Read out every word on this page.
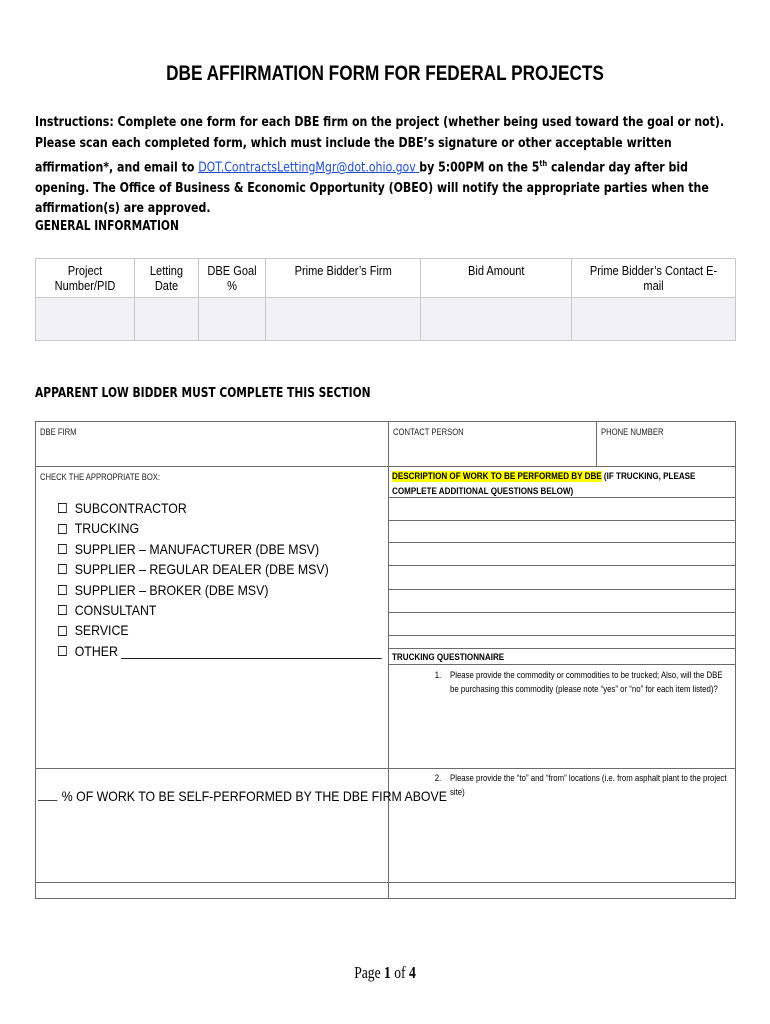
DBE AFFIRMATION FORM FOR FEDERAL PROJECTS
Instructions: Complete one form for each DBE firm on the project (whether being used toward the goal or not). Please scan each completed form, which must include the DBE’s signature or other acceptable written affirmation*, and email to DOT.ContractsLettingMgr@dot.ohio.gov by 5:00PM on the 5th calendar day after bid opening. The Office of Business & Economic Opportunity (OBEO) will notify the appropriate parties when the affirmation(s) are approved.
GENERAL INFORMATION
Project Number/PID	Letting Date	DBE Goal %	Prime Bidder’s Firm	Bid Amount	Prime Bidder’s Contact E-mail

APPARENT LOW BIDDER MUST COMPLETE THIS SECTION
DBE FIRM	CONTACT PERSON	PHONE NUMBER
CHECK THE APPROPRIATE BOX:
SUBCONTRACTOR
TRUCKING
SUPPLIER – MANUFACTURER (DBE MSV)
SUPPLIER – REGULAR DEALER (DBE MSV)
SUPPLIER – BROKER (DBE MSV)
CONSULTANT
SERVICE
OTHER ______________________________________
% OF WORK TO BE SELF-PERFORMED BY THE DBE FIRM ABOVE
DESCRIPTION OF WORK TO BE PERFORMED BY DBE (IF TRUCKING, PLEASE COMPLETE ADDITIONAL QUESTIONS BELOW)
TRUCKING QUESTIONNAIRE
1. Please provide the commodity or commodities to be trucked; Also, will the DBE be purchasing this commodity (please note “yes” or “no” for each item listed)?
2. Please provide the “to” and “from” locations (i.e. from asphalt plant to the project site)
Page 1 of 4
